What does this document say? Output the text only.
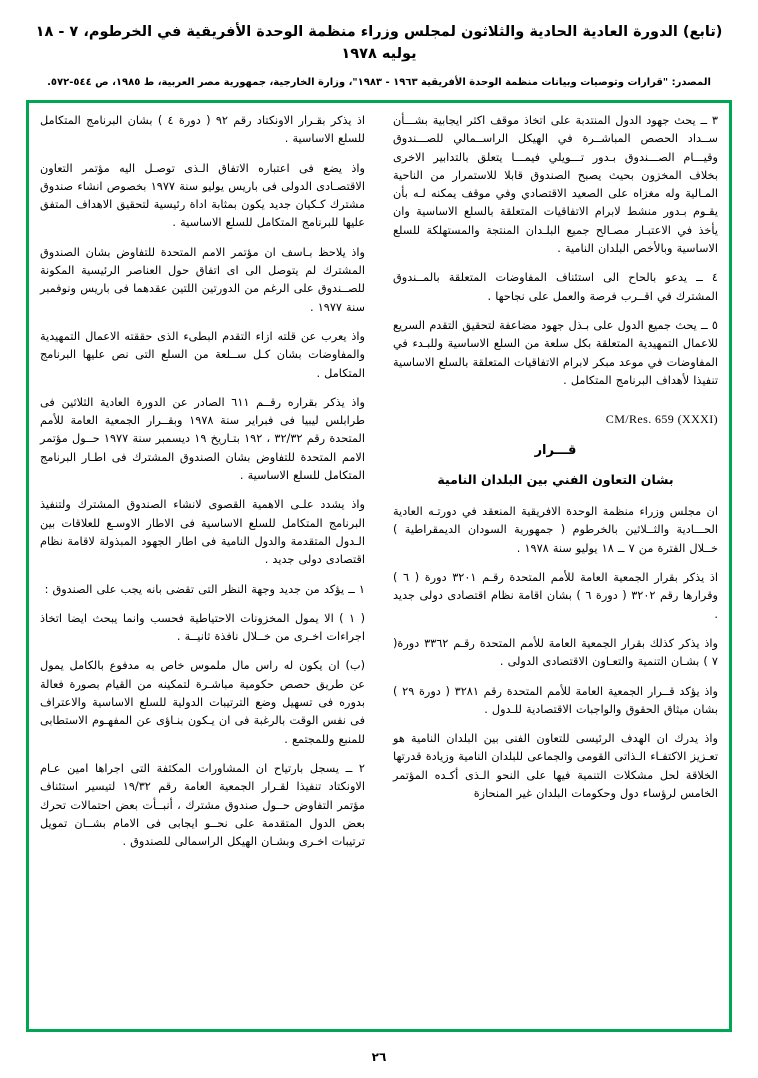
(تابع) الدورة العادية الحادية والثلاثون لمجلس وزراء منظمة الوحدة الأفريقية في الخرطوم، ٧ - ١٨ يوليه ١٩٧٨
المصدر: "قرارات وتوصيات وبيانات منظمة الوحدة الأفريقية ١٩٦٣ - ١٩٨٣"، وزارة الخارجية، جمهورية مصر العربية، ط ١٩٨٥، ص ٥٤٤-٥٧٢.

٣ ــ يحث جهود الدول المنتدبة على اتخاذ موقف اكثر ايجابية بشـــأن ســداد الحصص المباشــرة في الهيكل الراســمالي للصـــندوق وقيـــام الصـــندوق بـدور تـــويلي فيمـــا يتعلق بالتدابير الاخرى بخلاف المخزون بحيث يصبح الصندوق قابلا للاستمرار من الناحية المـالية وله مغزاه على الصعيد الاقتصادي وفي موقف يمكنه لـه بأن يقـوم بـدور منشط لابرام الاتفاقيات المتعلقة بالسلع الاساسية وان يأخذ في الاعتبـار مصـالح جميع البلـدان المنتجة والمستهلكة للسلع الاساسية وبالأخص البلدان النامية .

٤ ــ يدعو بالحاح الى استئناف المفاوضات المتعلقة بالمــندوق المشترك في اقــرب فرصة والعمل على نجاحها .

٥ ــ يحث جميع الدول على بـذل جهود مضاعفة لتحقيق التقدم السريع للاعمال التمهيدية المتعلقة بكل سلعة من السلع الاساسية وللبـدء في المفاوضات في موعد مبكر لابرام الاتفاقيات المتعلقة بالسلع الاساسية تنفيذا لأهداف البرنامج المتكامل .

CM/Res. 659 (XXXI)
قـــرار
بشان التعاون الفني بين البلدان النامية

ان مجلس وزراء منظمة الوحدة الافريقية المنعقد في دورتـه العادية الحـــادية والثــلاثين بالخرطوم ( جمهورية السودان الديمقراطية ) خــلال الفترة من ٧ ــ ١٨ يوليو سنة ١٩٧٨ .

اذ يذكر بقرار الجمعية العامة للأمم المتحدة رقـم ٣٢٠١ دورة ( ٦ ) وقرارها رقم ٣٢٠٢ ( دورة ٦ ) بشان اقامة نظام اقتصادى دولى جديد .

واذ يذكر كذلك بقرار الجمعية العامة للأمم المتحدة رقـم ٣٣٦٢ دورة( ٧ ) بشـان التنمية والتعـاون الاقتصادى الدولى .

واذ يؤكد قــرار الجمعية العامة للأمم المتحدة رقم ٣٢٨١ ( دورة ٢٩ ) بشان ميثاق الحقوق والواجبات الاقتصادية للـدول .

واذ يدرك ان الهدف الرئيسى للتعاون الفنى بين البلدان النامية هو تعـزيز الاكتفـاء الـذاتى القومى والجماعى للبلدان النامية وزيادة قدرتها الخلاقة لحل مشكلات التنمية فيها على النحو الـذى أكـده المؤتمر الخامس لرؤساء دول وحكومات البلدان غير المنحازة

اذ يذكر بقـرار الاونكتاد رقم ٩٢ ( دورة ٤ ) بشان البرنامج المتكامل للسلع الاساسية .

واذ يضع فى اعتباره الاتفاق الـذى توصـل اليه مؤتمر التعاون الاقتصـادى الدولى فى باريس يوليو سنة ١٩٧٧ بخصوص انشاء صندوق مشترك كـكيان جديد يكون بمثابة اداة رئيسية لتحقيق الاهداف المتفق عليها للبرنامج المتكامل للسلع الاساسية .

واذ يلاحظ بـاسف ان مؤتمر الامم المتحدة للتفاوض بشان الصندوق المشترك لم يتوصل الى اى اتفاق حول العناصر الرئيسية المكونة للصــندوق على الرغم من الدورتين اللتين عقدهما فى باريس ونوفمبر سنة ١٩٧٧ .

واذ يعرب عن قلته ازاء التقدم البطىء الذى حققته الاعمال التمهيدية والمفاوضات بشان كـل ســلعة من السلع التى نص عليها البرنامج المتكامل .

واذ يذكر بقراره رقــم ٦١١ الصادر عن الدورة العادية الثلاثين فى طرابلس ليبيا فى فبراير سنة ١٩٧٨ وبقــرار الجمعية العامة للأمم المتحدة رقم ٣٢/٣٢ ، ١٩٢ بتـاريخ ١٩ ديسمبر سنة ١٩٧٧ حــول مؤتمر الامم المتحدة للتفاوض بشان الصندوق المشترك فى اطـار البرنامج المتكامل للسلع الاساسية .

واذ يشدد علـى الاهمية القصوى لانشاء الصندوق المشترك ولتنفيذ البرنامج المتكامل للسلع الاساسية فى الاطار الاوسـع للعلاقات بين الـدول المتقدمة والدول النامية فى اطار الجهود المبذولة لاقامة نظام اقتصادى دولى جديد .

١ ــ يؤكد من جديد وجهة النظر التى تقضى بانه يجب على الصندوق :

( ١ ) الا يمول المخزونات الاحتياطية فحسب وانما يبحث ايضا اتخاذ اجراءات اخـرى من خــلال نافذة ثانيــة .

(ب) ان يكون له راس مال ملموس خاص به مدفوع بالكامل يمول عن طريق حصص حكومية مباشـرة لتمكينه من القيام بصورة فعالة بدوره فى تسهيل وضع الترتيبات الدولية للسلع الاساسية والاعتراف فى نفس الوقت بالرغبة فى ان يـكون بنـاؤى عن المفهـوم الاستطابى للمنبع وللمجتمع .

٢ ــ يسجل بارتياح ان المشاورات المكثفة التى اجراها امين عـام الاونكتاد تنفيذا لقـرار الجمعية العامة رقم ١٩/٣٢ لتيسير استئناف مؤتمر التفاوض حــول صندوق مشترك ، أنبــأت بعض احتمالات تحرك بعض الدول المتقدمة على نحــو ايجابى فى الامام بشــان تمويل ترتيبات اخـرى وبشـان الهيكل الراسمالى للصندوق .

٢٦
